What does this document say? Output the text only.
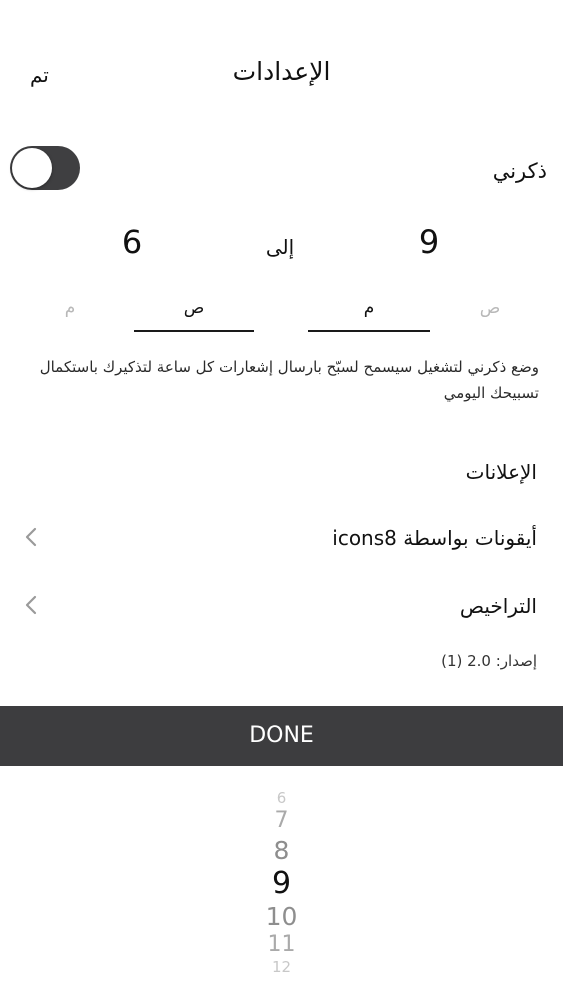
الإعدادات
تم
ذكرني
6	إلى	9
م	ص	م	ص
وضع ذكرني لتشغيل سيسمح لسبّح بارسال إشعارات كل ساعة لتذكيرك باستكمال تسبيحك اليومي
الإعلانات
أيقونات بواسطة icons8
التراخيص
إصدار: 2.0 (1)
DONE
6
7
8
9
10
11
12
